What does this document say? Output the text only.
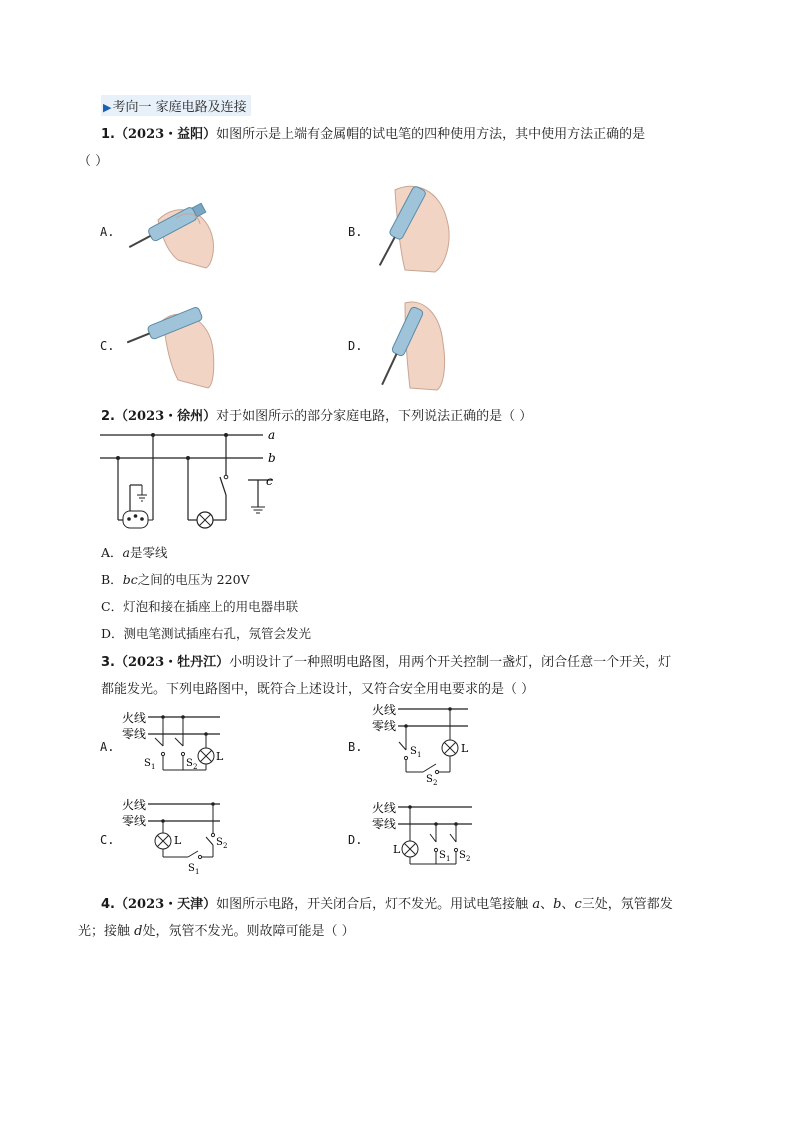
▶考向一 家庭电路及连接
1.（2023・益阳）如图所示是上端有金属帽的试电笔的四种使用方法，其中使用方法正确的是
（ ）
A.	B.
C.	D.
2.（2023・徐州）对于如图所示的部分家庭电路，下列说法正确的是（ ）
a
b
c
A．a是零线
B．bc之间的电压为 220V
C．灯泡和接在插座上的用电器串联
D．测电笔测试插座右孔，氖管会发光
3.（2023・牡丹江）小明设计了一种照明电路图，用两个开关控制一盏灯，闭合任意一个开关，灯
都能发光。下列电路图中，既符合上述设计，又符合安全用电要求的是（ ）
A.	B.
C.	D.
火线
零线
L
S 1	S 2
火线
零线
L
S 1
S 2
火线
零线
L	S 2
S 1
火线
零线
L	S 1 S 2
4.（2023・天津）如图所示电路，开关闭合后，灯不发光。用试电笔接触 a、b、c三处，氖管都发
光；接触 d处，氖管不发光。则故障可能是（ ）
